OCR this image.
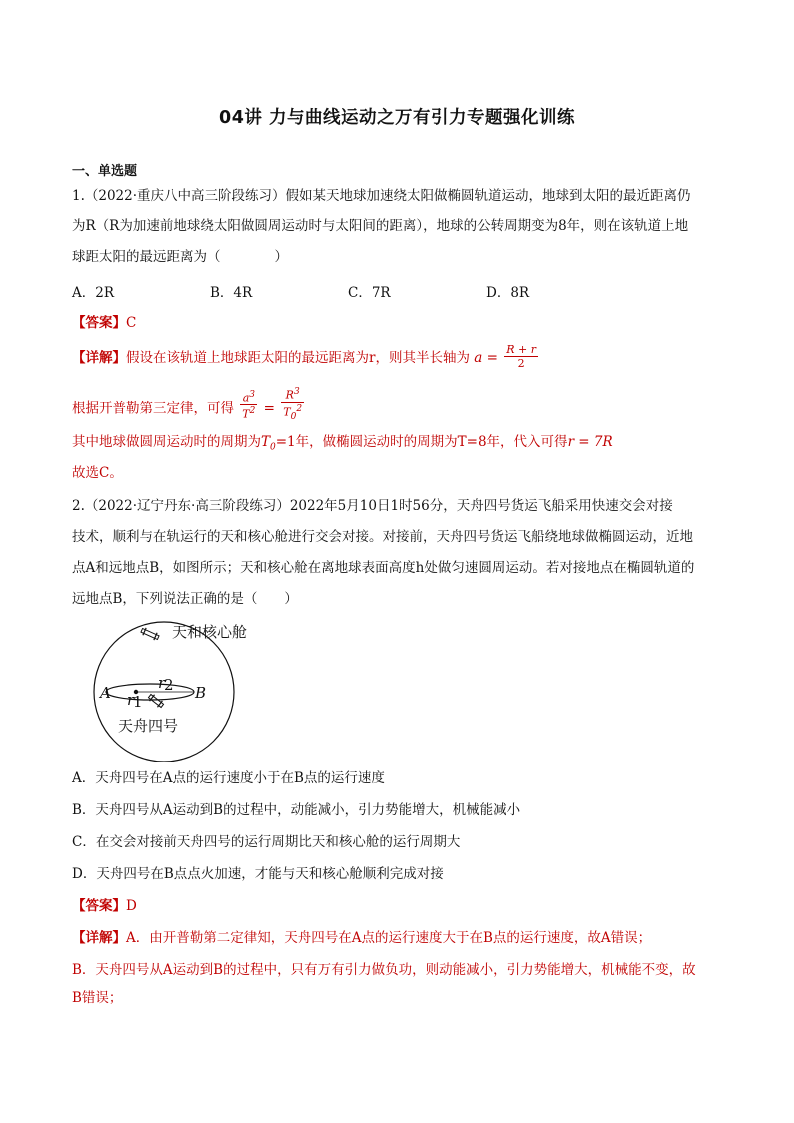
04讲 力与曲线运动之万有引力专题强化训练
一、单选题
1.（2022·重庆八中高三阶段练习）假如某天地球加速绕太阳做椭圆轨道运动，地球到太阳的最近距离仍
为R（R为加速前地球绕太阳做圆周运动时与太阳间的距离），地球的公转周期变为8年，则在该轨道上地
球距太阳的最远距离为（　　　　）
A．2R	B．4R	C．7R	D．8R
【答案】C
【详解】假设在该轨道上地球距太阳的最远距离为r，则其半长轴为 $a = \frac{R + r}{2}$
根据开普勒第三定律，可得 $\frac{a^3}{T^2} = \frac{R^3}{T_0^2}$
其中地球做圆周运动时的周期为$T_0=1$年，做椭圆运动时的周期为T=8年，代入可得r = 7R
故选C。
2.（2022·辽宁丹东·高三阶段练习）2022年5月10日1时56分，天舟四号货运飞船采用快速交会对接
技术，顺利与在轨运行的天和核心舱进行交会对接。对接前，天舟四号货运飞船绕地球做椭圆运动，近地
点A和远地点B，如图所示；天和核心舱在离地球表面高度h处做匀速圆周运动。若对接地点在椭圆轨道的
远地点B，下列说法正确的是（　　）
天和核心舱
天舟四号
A	B
r
1
r
2
A．天舟四号在A点的运行速度小于在B点的运行速度
B．天舟四号从A运动到B的过程中，动能减小，引力势能增大，机械能减小
C．在交会对接前天舟四号的运行周期比天和核心舱的运行周期大
D．天舟四号在B点点火加速，才能与天和核心舱顺利完成对接
【答案】D
【详解】A．由开普勒第二定律知，天舟四号在A点的运行速度大于在B点的运行速度，故A错误；
B．天舟四号从A运动到B的过程中，只有万有引力做负功，则动能减小，引力势能增大，机械能不变，故
B错误；
